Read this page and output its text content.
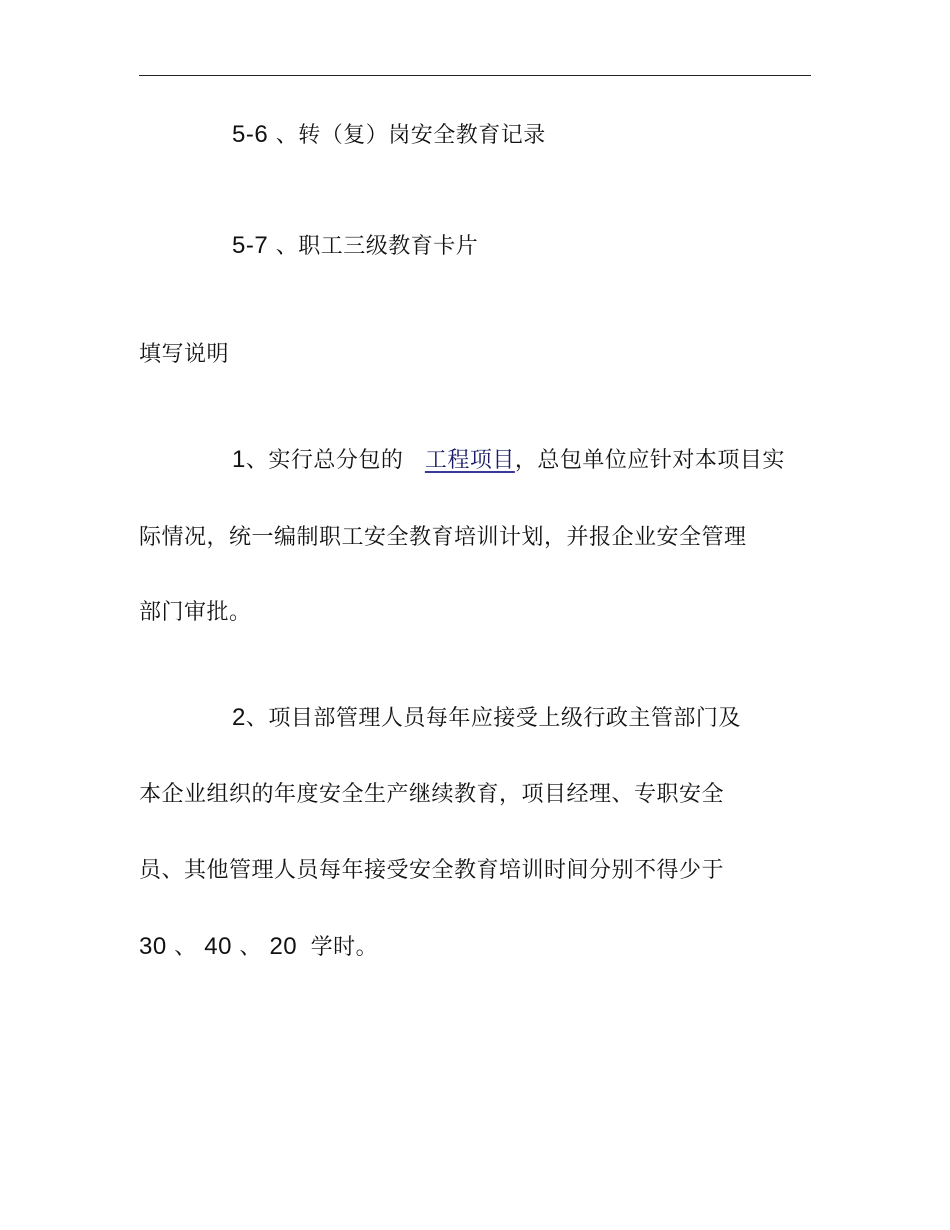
5-6 、转（复）岗安全教育记录
5-7 、职工三级教育卡片
填写说明
1、实行总分包的 工程项目，总包单位应针对本项目实
际情况，统一编制职工安全教育培训计划，并报企业安全管理
部门审批。
2、项目部管理人员每年应接受上级行政主管部门及
本企业组织的年度安全生产继续教育，项目经理、专职安全
员、其他管理人员每年接受安全教育培训时间分别不得少于
30 、 40 、 20 学时。
